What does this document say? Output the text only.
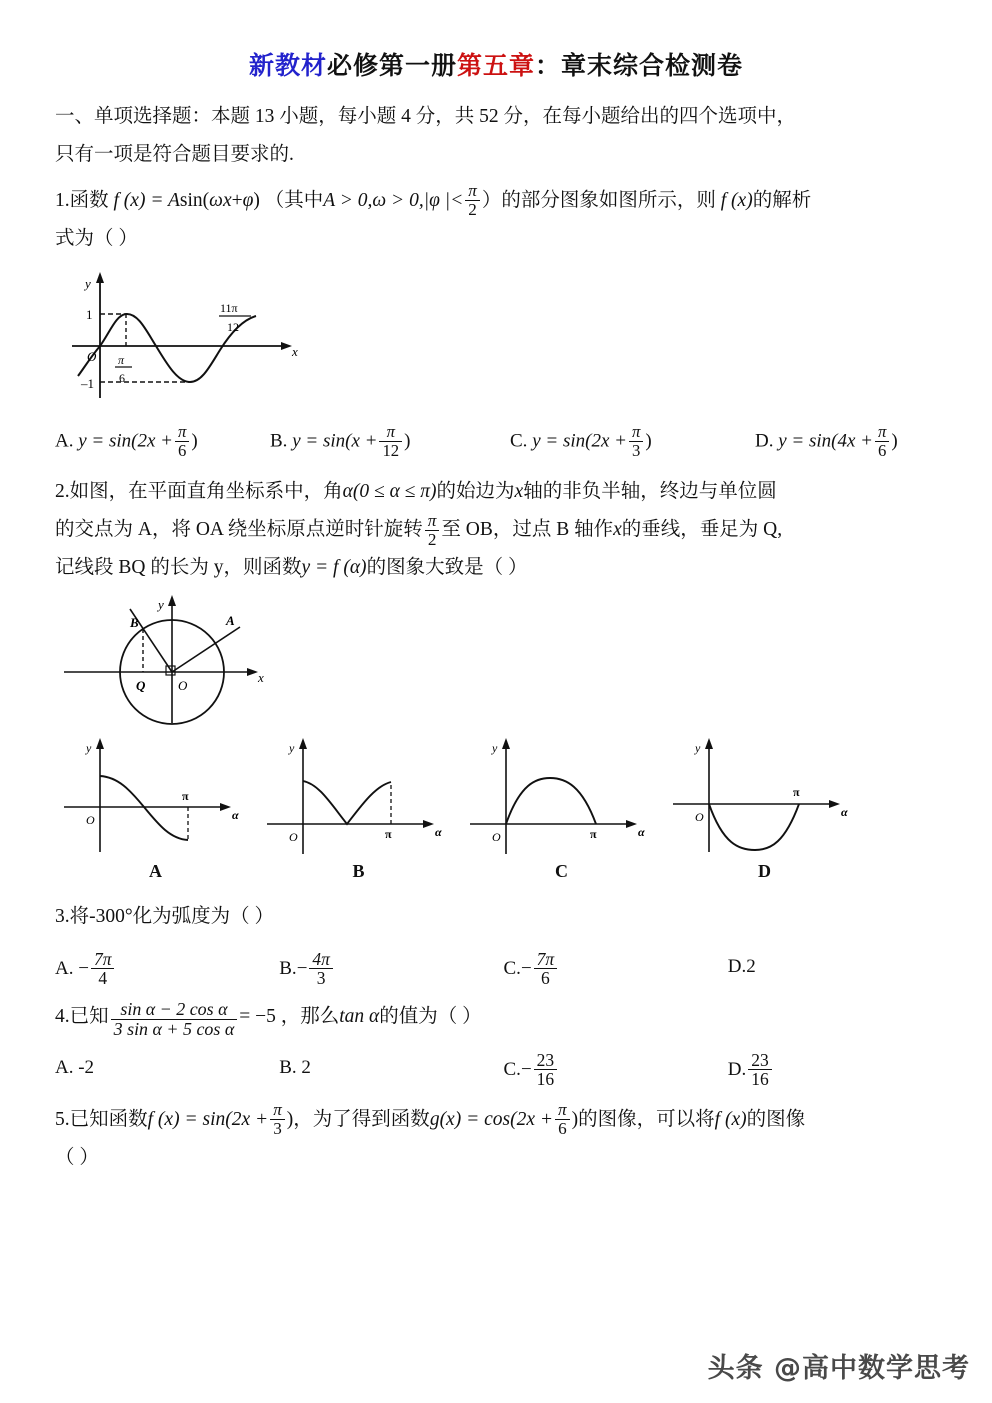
新教材必修第一册第五章：章末综合检测卷

一、单项选择题：本题 13 小题，每小题 4 分，共 52 分，在每小题给出的四个选项中，

只有一项是符合题目要求的.

1.函数 f (x) = Asin(ωx+φ) （其中A > 0,ω > 0,|φ |< $\frac{\pi}{2}$ ）的部分图象如图所示，则 f (x)的解析

式为（ ）

y
x
O
1
–1
π
6
11π
12
A. $y = \sin(2x + \frac{\pi}{6}$ )	B. $y = \sin(x + \frac{\pi}{12}$ )	C. $y = \sin(2x + \frac{\pi}{3}$ )	D. $y = \sin(4x + \frac{\pi}{6}$ )

2.如图，在平面直角坐标系中，角α(0 ≤ α ≤ π)的始边为x轴的非负半轴，终边与单位圆

的交点为 A，将 OA 绕坐标原点逆时针旋转 $\frac{\pi}{2}$ 至 OB，过点 B 轴作x的垂线，垂足为 Q,

记线段 BQ 的长为 y，则函数y = f (α)的图象大致是（ ）

y
x
O
B	A
Q
y
α
O
π
A
y
α
O	π
B
y
α
O	π
C
y
α
O
π
D

3.将-300°化为弧度为（ ）

A. − $\frac{7\pi}{4}$	$B.- \frac{4\pi}{3}$	$C.- \frac{7\pi}{6}$	D.2

4.已知 $\frac{\text{sin α − 2 cos α}}{\text{3 sin α + 5 cos α}} = -5$ ，那么tan α的值为（ ）

A. -2	B. 2	$C.- \frac{23}{16}$	D. $\frac{23}{16}$

5.已知函数f $(x) = \sin(2x + \frac{\pi}{3}$ )，为了得到函数$g(x) = \cos(2x + \frac{\pi}{6}$ )的图像，可以将f (x)的图像

（ ）

头条 @高中数学思考
